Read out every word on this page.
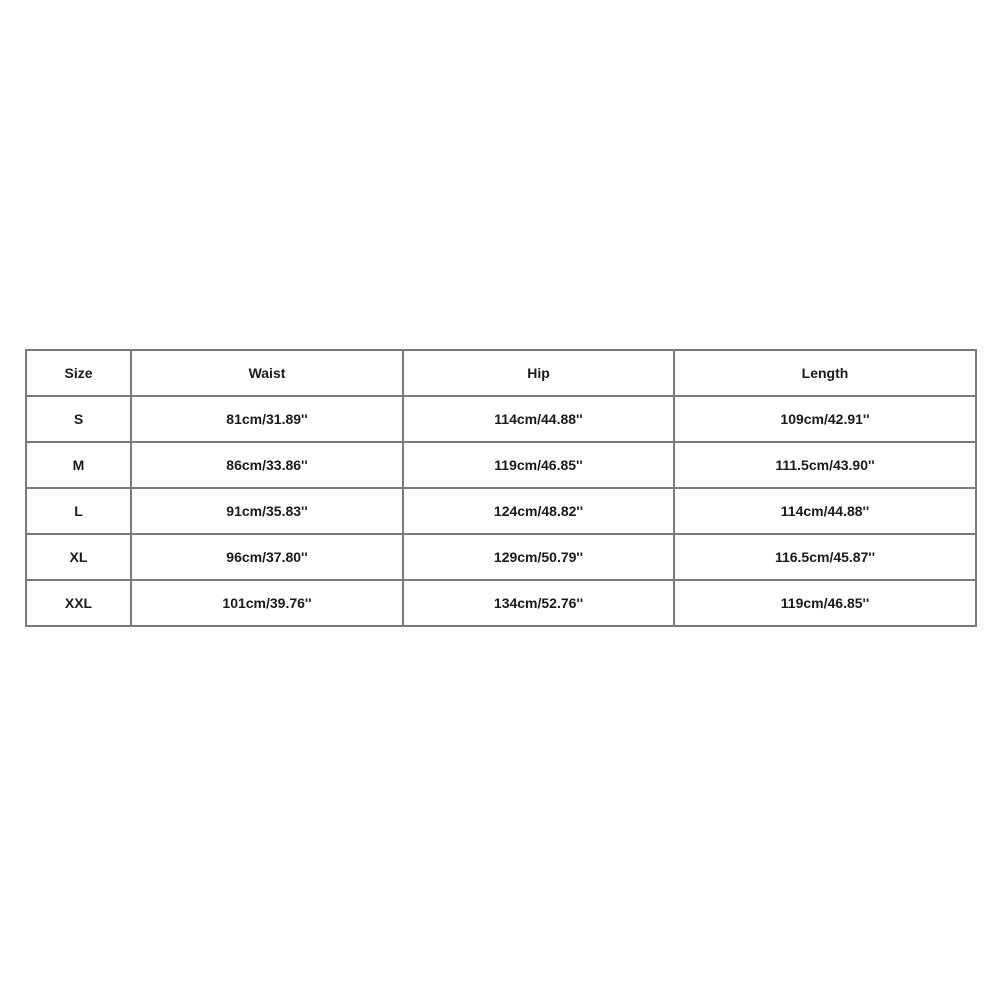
Size	Waist	Hip	Length
S	81cm/31.89''	114cm/44.88''	109cm/42.91''
M	86cm/33.86''	119cm/46.85''	111.5cm/43.90''
L	91cm/35.83''	124cm/48.82''	114cm/44.88''
XL	96cm/37.80''	129cm/50.79''	116.5cm/45.87''
XXL	101cm/39.76''	134cm/52.76''	119cm/46.85''
